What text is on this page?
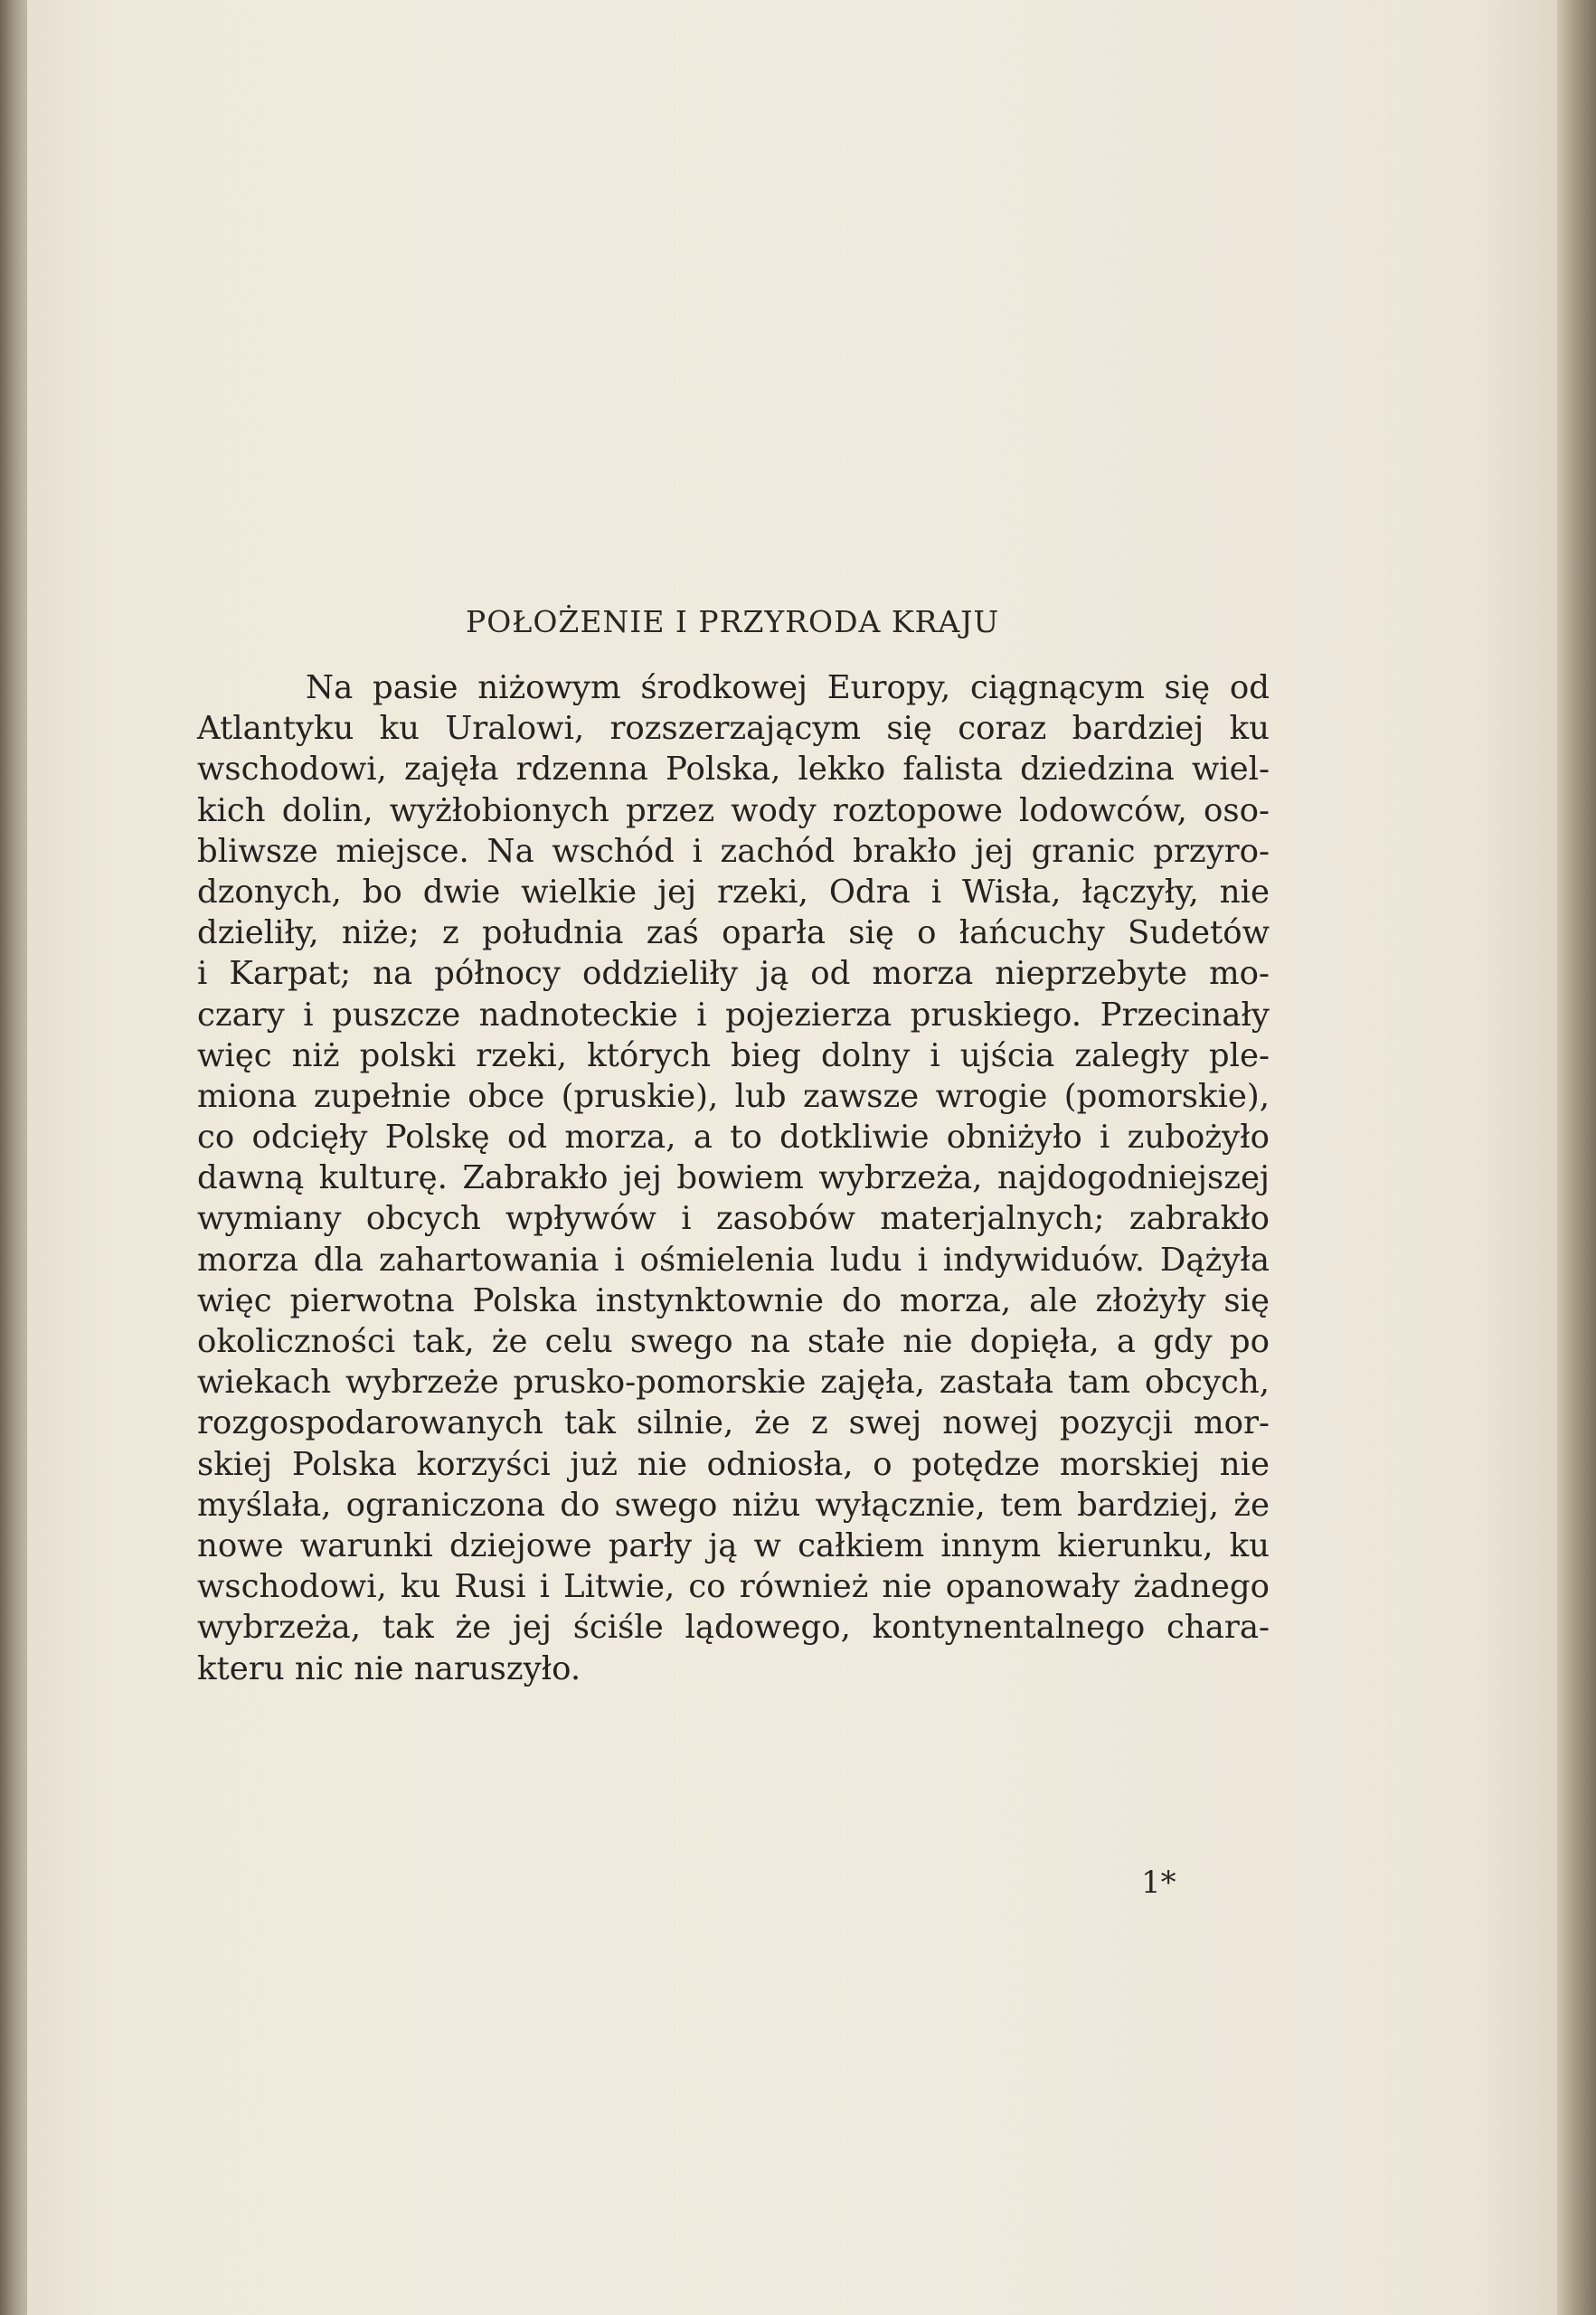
POŁOŻENIE I PRZYRODA KRAJU
Na pasie niżowym środkowej Europy, ciągnącym się od
Atlantyku ku Uralowi, rozszerzającym się coraz bardziej ku
wschodowi, zajęła rdzenna Polska, lekko falista dziedzina wiel-
kich dolin, wyżłobionych przez wody roztopowe lodowców, oso-
bliwsze miejsce. Na wschód i zachód brakło jej granic przyro-
dzonych, bo dwie wielkie jej rzeki, Odra i Wisła, łączyły, nie
dzieliły, niże; z południa zaś oparła się o łańcuchy Sudetów
i Karpat; na północy oddzieliły ją od morza nieprzebyte mo-
czary i puszcze nadnoteckie i pojezierza pruskiego. Przecinały
więc niż polski rzeki, których bieg dolny i ujścia zaległy ple-
miona zupełnie obce (pruskie), lub zawsze wrogie (pomorskie),
co odcięły Polskę od morza, a to dotkliwie obniżyło i zubożyło
dawną kulturę. Zabrakło jej bowiem wybrzeża, najdogodniejszej
wymiany obcych wpływów i zasobów materjalnych; zabrakło
morza dla zahartowania i ośmielenia ludu i indywiduów. Dążyła
więc pierwotna Polska instynktownie do morza, ale złożyły się
okoliczności tak, że celu swego na stałe nie dopięła, a gdy po
wiekach wybrzeże prusko-pomorskie zajęła, zastała tam obcych,
rozgospodarowanych tak silnie, że z swej nowej pozycji mor-
skiej Polska korzyści już nie odniosła, o potędze morskiej nie
myślała, ograniczona do swego niżu wyłącznie, tem bardziej, że
nowe warunki dziejowe parły ją w całkiem innym kierunku, ku
wschodowi, ku Rusi i Litwie, co również nie opanowały żadnego
wybrzeża, tak że jej ściśle lądowego, kontynentalnego chara-
kteru nic nie naruszyło.
1*
